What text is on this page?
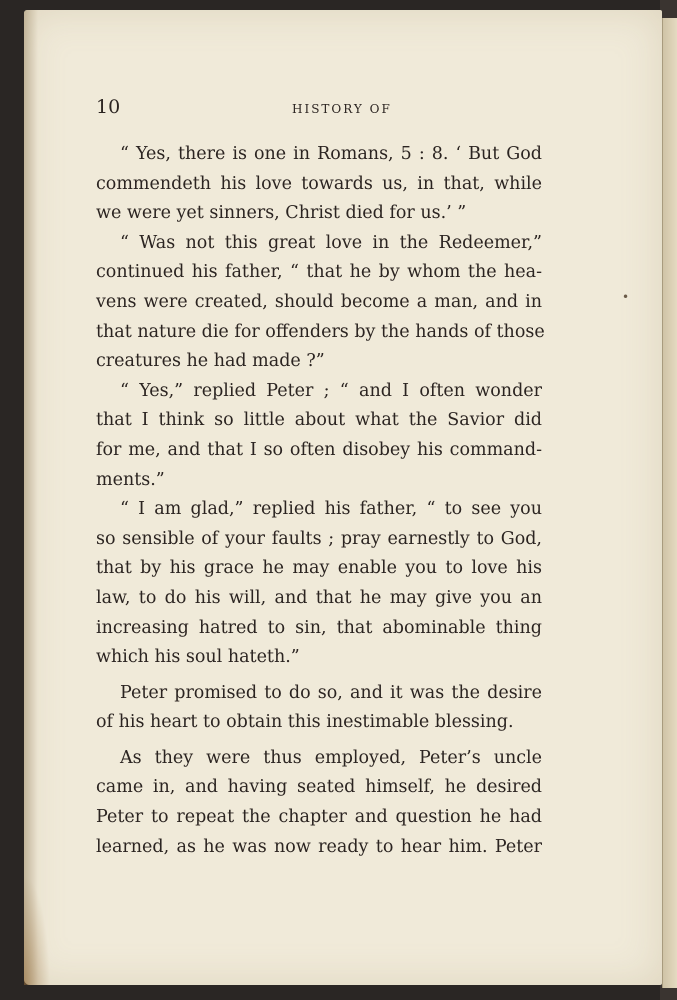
10	HISTORY OF
“ Yes, there is one in Romans, 5 : 8. ‘ But God
commendeth his love towards us, in that, while
we were yet sinners, Christ died for us.’ ”
“ Was not this great love in the Redeemer,”
continued his father, “ that he by whom the hea-
vens were created, should become a man, and in
that nature die for offenders by the hands of those
creatures he had made ?”
“ Yes,” replied Peter ; “ and I often wonder
that I think so little about what the Savior did
for me, and that I so often disobey his command-
ments.”
“ I am glad,” replied his father, “ to see you
so sensible of your faults ; pray earnestly to God,
that by his grace he may enable you to love his
law, to do his will, and that he may give you an
increasing hatred to sin, that abominable thing
which his soul hateth.”
Peter promised to do so, and it was the desire
of his heart to obtain this inestimable blessing.
As they were thus employed, Peter’s uncle
came in, and having seated himself, he desired
Peter to repeat the chapter and question he had
learned, as he was now ready to hear him. Peter
•
